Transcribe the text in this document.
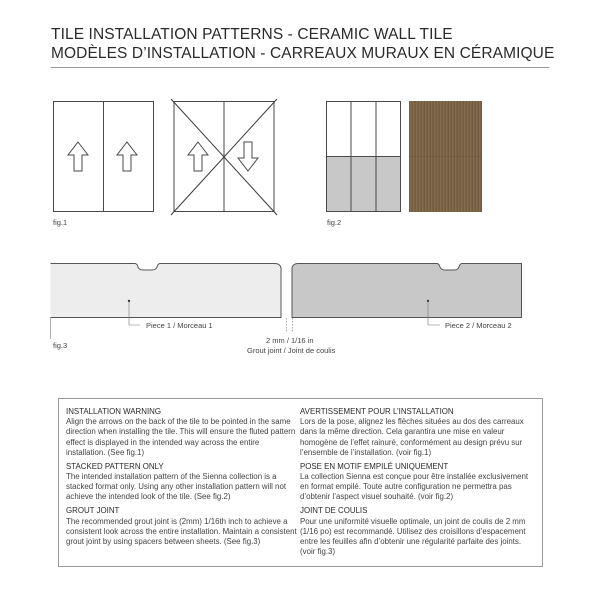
TILE INSTALLATION PATTERNS - CERAMIC WALL TILE
MODÈLES D’INSTALLATION - CARREAUX MURAUX EN CÉRAMIQUE
fig.1	fig.2
Piece 1 / Morceau 1	Piece 2 / Morceau 2
2 mm / 1/16 in
Grout joint / Joint de coulis
fig.3
INSTALLATION WARNING
Align the arrows on the back of the tile to be pointed in the same direction when installing the tile. This will ensure the fluted pattern effect is displayed in the intended way across the entire installation. (See fig.1)
STACKED PATTERN ONLY
The intended installation pattern of the Sienna collection is a stacked format only. Using any other installation pattern will not achieve the intended look of the tile. (See fig.2)
GROUT JOINT
The recommended grout joint is (2mm) 1/16th inch to achieve a consistent look across the entire installation. Maintain a consistent grout joint by using spacers between sheets. (See fig.3)
AVERTISSEMENT POUR L’INSTALLATION
Lors de la pose, alignez les flèches situées au dos des carreaux dans la même direction. Cela garantira une mise en valeur homogène de l’effet rainuré, conformément au design prévu sur l’ensemble de l’installation. (voir fig.1)
POSE EN MOTIF EMPILÉ UNIQUEMENT
La collection Sienna est conçue pour être installée exclusivement en format empilé. Toute autre configuration ne permettra pas d’obtenir l’aspect visuel souhaité. (voir fig.2)
JOINT DE COULIS
Pour une uniformité visuelle optimale, un joint de coulis de 2 mm (1/16 po) est recommandé. Utilisez des croisillons d’espacement entre les feuilles afin d’obtenir une régularité parfaite des joints. (voir fig.3)
